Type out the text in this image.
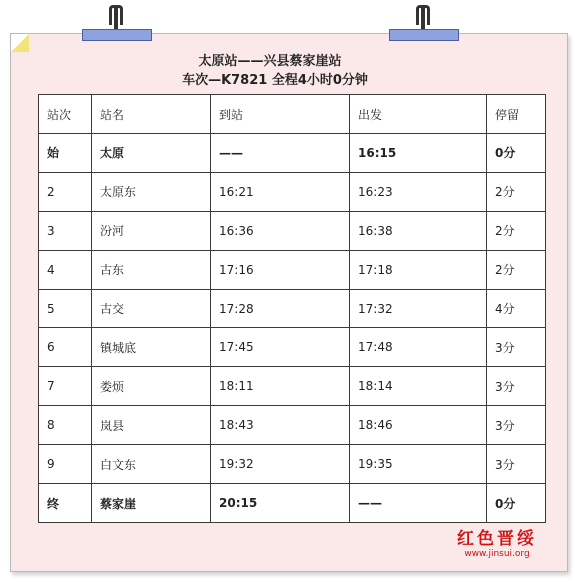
太原站——兴县蔡家崖站
车次—K7821 全程4小时0分钟
站次	站名	到站	出发	停留
始	太原	——	16:15	0分
2	太原东	16:21	16:23	2分
3	汾河	16:36	16:38	2分
4	古东	17:16	17:18	2分
5	古交	17:28	17:32	4分
6	镇城底	17:45	17:48	3分
7	娄烦	18:11	18:14	3分
8	岚县	18:43	18:46	3分
9	白文东	19:32	19:35	3分
终	蔡家崖	20:15	——	0分
红色晋绥
www.jinsui.org
